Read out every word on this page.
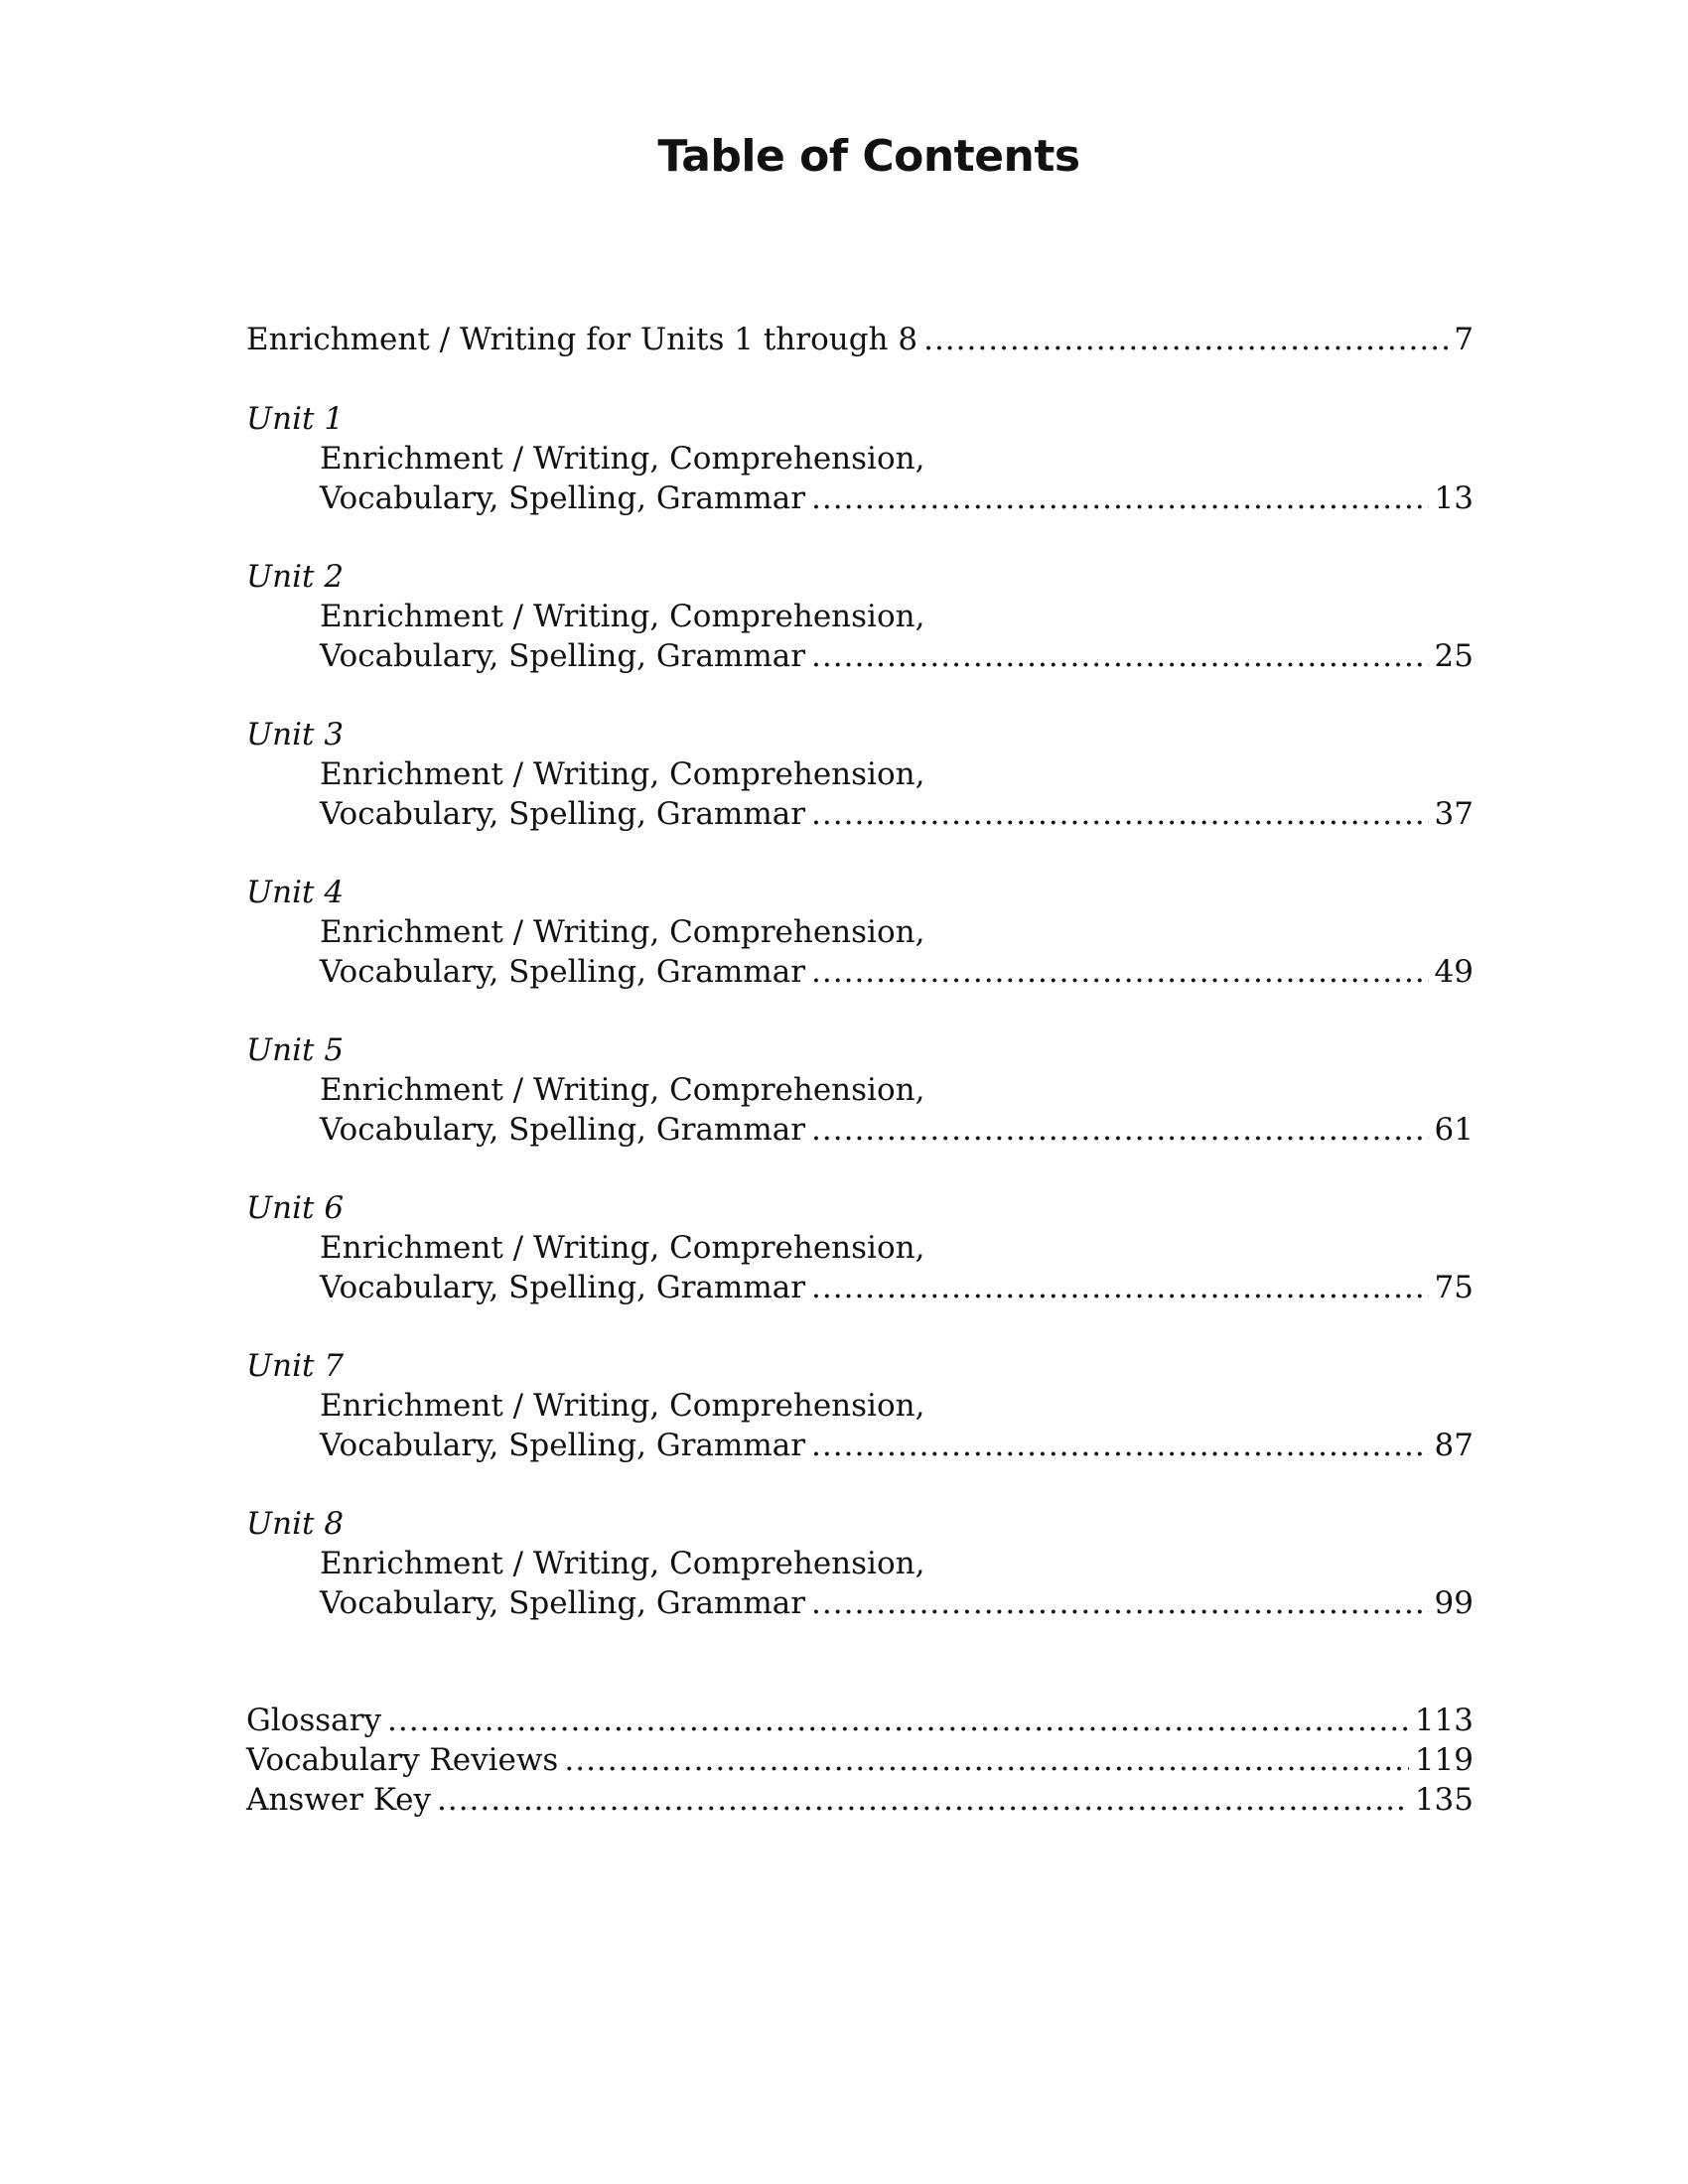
Table of Contents
Enrichment / Writing for Units 1 through 8 .....	7
Unit 1
Enrichment / Writing, Comprehension,
Vocabulary, Spelling, Grammar .....	13
Unit 2
Enrichment / Writing, Comprehension,
Vocabulary, Spelling, Grammar .....	25
Unit 3
Enrichment / Writing, Comprehension,
Vocabulary, Spelling, Grammar .....	37
Unit 4
Enrichment / Writing, Comprehension,
Vocabulary, Spelling, Grammar .....	49
Unit 5
Enrichment / Writing, Comprehension,
Vocabulary, Spelling, Grammar .....	61
Unit 6
Enrichment / Writing, Comprehension,
Vocabulary, Spelling, Grammar .....	75
Unit 7
Enrichment / Writing, Comprehension,
Vocabulary, Spelling, Grammar .....	87
Unit 8
Enrichment / Writing, Comprehension,
Vocabulary, Spelling, Grammar .....	99
Glossary .....	113
Vocabulary Reviews .....	119
Answer Key .....	135
